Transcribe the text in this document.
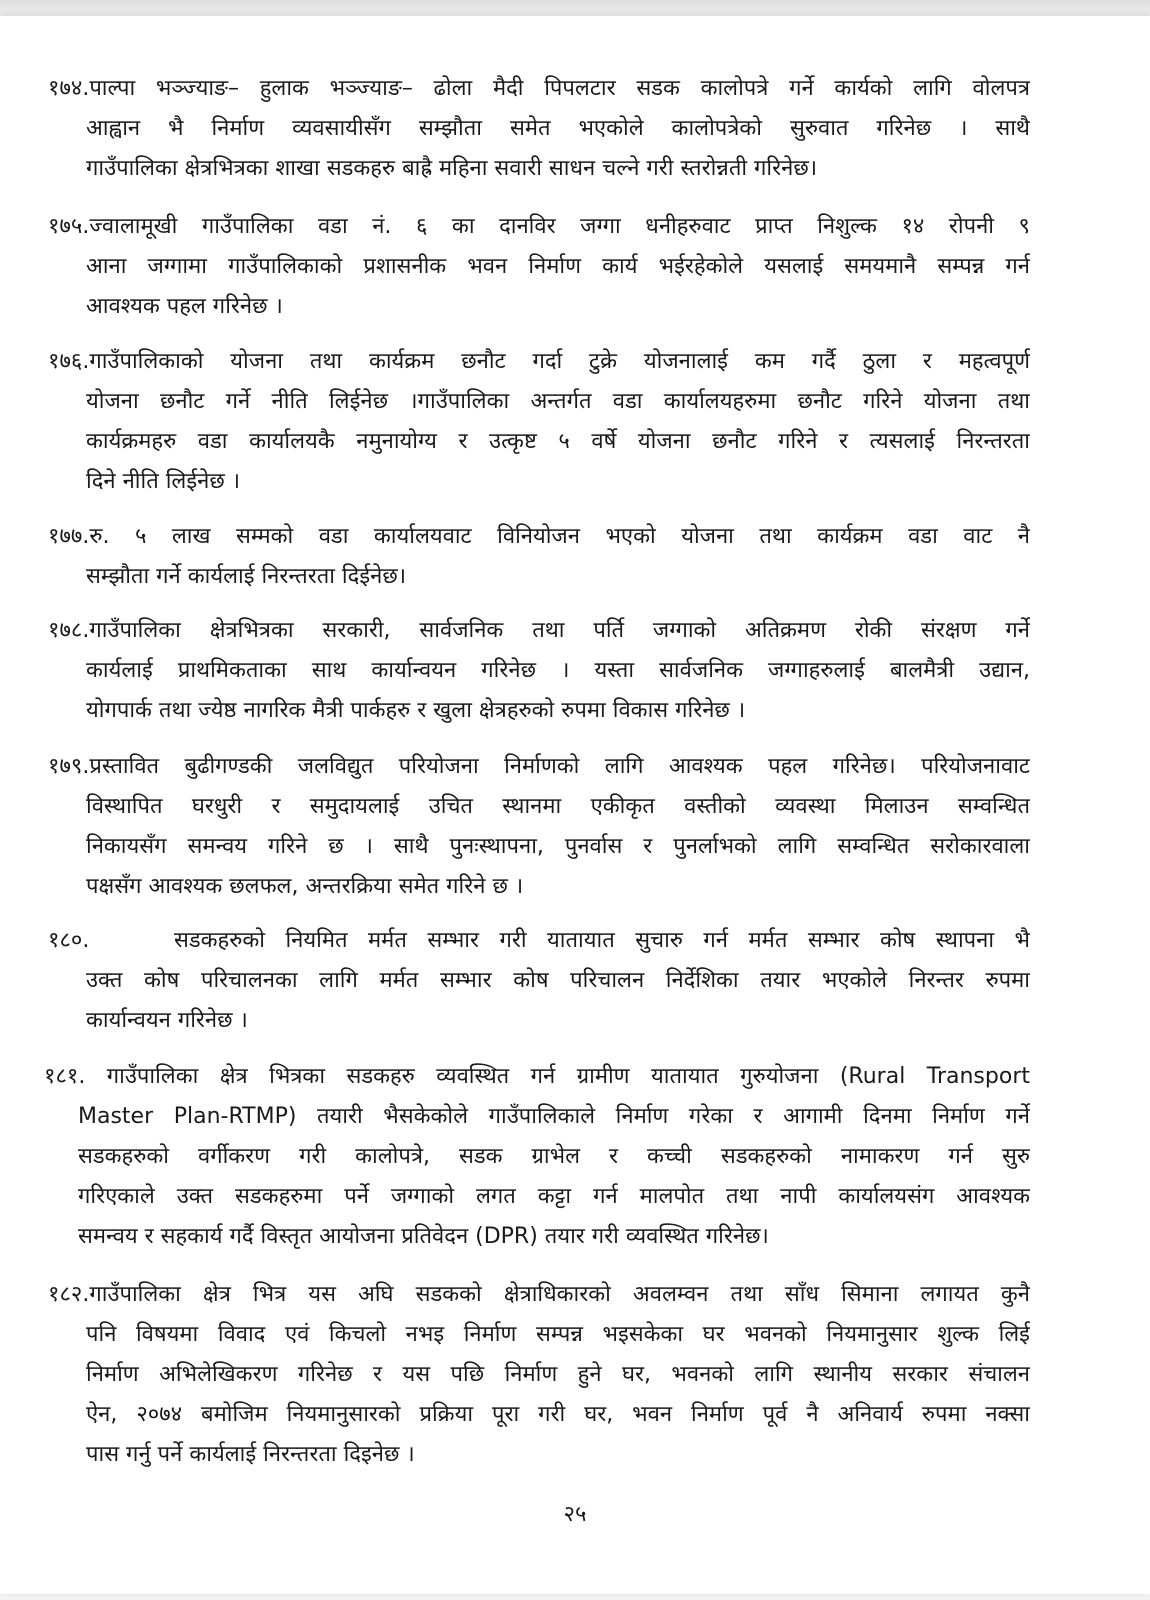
१७४.पाल्पा भञ्ज्याङ– हुलाक भञ्ज्याङ– ढोला मैदी पिपलटार सडक कालोपत्रे गर्ने कार्यको लागि वोलपत्र
आह्वान भै निर्माण व्यवसायीसँग सम्झौता समेत भएकोले कालोपत्रेको सुरुवात गरिनेछ । साथै
गाउँपालिका क्षेत्रभित्रका शाखा सडकहरु बाह्रै महिना सवारी साधन चल्ने गरी स्तरोन्नती गरिनेछ।
१७५.ज्वालामूखी गाउँपालिका वडा नं. ६ का दानविर जग्गा धनीहरुवाट प्राप्त निशुल्क १४ रोपनी ९
आना जग्गामा गाउँपालिकाको प्रशासनीक भवन निर्माण कार्य भईरहेकोले यसलाई समयमानै सम्पन्न गर्न
आवश्यक पहल गरिनेछ ।
१७६.गाउँपालिकाको योजना तथा कार्यक्रम छनौट गर्दा टुक्रे योजनालाई कम गर्दै ठुला र महत्वपूर्ण
योजना छनौट गर्ने नीति लिईनेछ ।गाउँपालिका अन्तर्गत वडा कार्यालयहरुमा छनौट गरिने योजना तथा
कार्यक्रमहरु वडा कार्यालयकै नमुनायोग्य र उत्कृष्ट ५ वर्षे योजना छनौट गरिने र त्यसलाई निरन्तरता
दिने नीति लिईनेछ ।
१७७.रु. ५ लाख सम्मको वडा कार्यालयवाट विनियोजन भएको योजना तथा कार्यक्रम वडा वाट नै
सम्झौता गर्ने कार्यलाई निरन्तरता दिईनेछ।
१७८.गाउँपालिका क्षेत्रभित्रका सरकारी, सार्वजनिक तथा पर्ति जग्गाको अतिक्रमण रोकी संरक्षण गर्ने
कार्यलाई प्राथमिकताका साथ कार्यान्वयन गरिनेछ । यस्ता सार्वजनिक जग्गाहरुलाई बालमैत्री उद्यान,
योगपार्क तथा ज्येष्ठ नागरिक मैत्री पार्कहरु र खुला क्षेत्रहरुको रुपमा विकास गरिनेछ ।
१७९.प्रस्तावित बुढीगण्डकी जलविद्युत परियोजना निर्माणको लागि आवश्यक पहल गरिनेछ। परियोजनावाट
विस्थापित घरधुरी र समुदायलाई उचित स्थानमा एकीकृत वस्तीको व्यवस्था मिलाउन सम्वन्धित
निकायसँग समन्वय गरिने छ । साथै पुनःस्थापना, पुनर्वास र पुनर्लाभको लागि सम्वन्धित सरोकारवाला
पक्षसँग आवश्यक छलफल, अन्तरक्रिया समेत गरिने छ ।
१८०.	सडकहरुको नियमित मर्मत सम्भार गरी यातायात सुचारु गर्न मर्मत सम्भार कोष स्थापना भै
उक्त कोष परिचालनका लागि मर्मत सम्भार कोष परिचालन निर्देशिका तयार भएकोले निरन्तर रुपमा
कार्यान्वयन गरिनेछ ।
१८१. गाउँपालिका क्षेत्र भित्रका सडकहरु व्यवस्थित गर्न ग्रामीण यातायात गुरुयोजना (Rural Transport
Master Plan-RTMP) तयारी भैसकेकोले गाउँपालिकाले निर्माण गरेका र आगामी दिनमा निर्माण गर्ने
सडकहरुको वर्गीकरण गरी कालोपत्रे, सडक ग्राभेल र कच्ची सडकहरुको नामाकरण गर्न सुरु
गरिएकाले उक्त सडकहरुमा पर्ने जग्गाको लगत कट्टा गर्न मालपोत तथा नापी कार्यालयसंग आवश्यक
समन्वय र सहकार्य गर्दै विस्तृत आयोजना प्रतिवेदन (DPR) तयार गरी व्यवस्थित गरिनेछ।
१८२.गाउँपालिका क्षेत्र भित्र यस अघि सडकको क्षेत्राधिकारको अवलम्वन तथा साँध सिमाना लगायत कुनै
पनि विषयमा विवाद एवं किचलो नभइ निर्माण सम्पन्न भइसकेका घर भवनको नियमानुसार शुल्क लिई
निर्माण अभिलेखिकरण गरिनेछ र यस पछि निर्माण हुने घर, भवनको लागि स्थानीय सरकार संचालन
ऐन, २०७४ बमोजिम नियमानुसारको प्रक्रिया पूरा गरी घर, भवन निर्माण पूर्व नै अनिवार्य रुपमा नक्सा
पास गर्नु पर्ने कार्यलाई निरन्तरता दिइनेछ ।
२५
